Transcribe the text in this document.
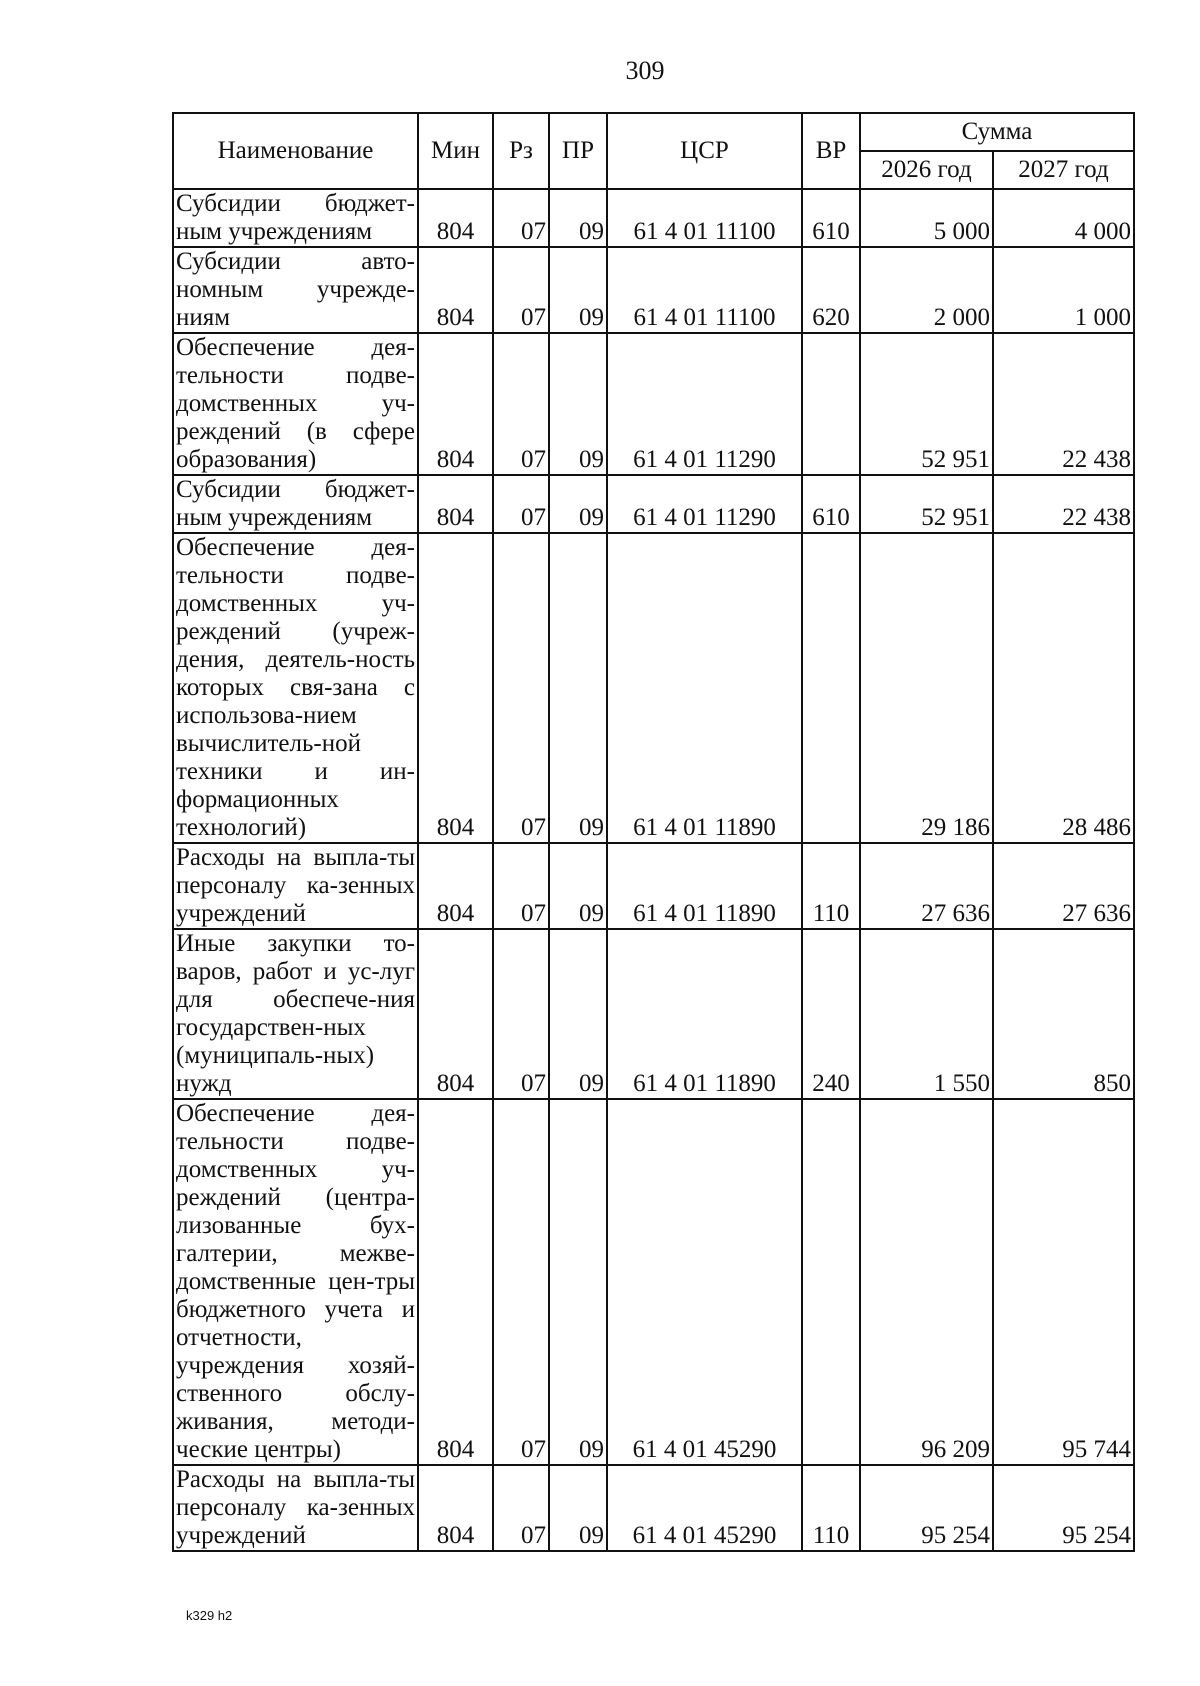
309
Наименование	Мин	Рз	ПР	ЦСР	ВР	Сумма	
						2026 год	2027 год
Субсидии бюджет-ным учреждениям	804	07	09	61 4 01 11100	610	5 000	4 000
Субсидии авто-номным учрежде-ниям	804	07	09	61 4 01 11100	620	2 000	1 000
Обеспечение дея-тельности подве-домственных уч-реждений (в сфере образования)	804	07	09	61 4 01 11290		52 951	22 438
Субсидии бюджет-ным учреждениям	804	07	09	61 4 01 11290	610	52 951	22 438
Обеспечение дея-тельности подве-домственных уч-реждений (учреж-дения, деятель-ность которых свя-зана с использова-нием вычислитель-ной техники и ин-формационных технологий)	804	07	09	61 4 01 11890		29 186	28 486
Расходы на выпла-ты персоналу ка-зенных учреждений	804	07	09	61 4 01 11890	110	27 636	27 636
Иные закупки то-варов, работ и ус-луг для обеспече-ния государствен-ных (муниципаль-ных) нужд	804	07	09	61 4 01 11890	240	1 550	850
Обеспечение дея-тельности подве-домственных уч-реждений (центра-лизованные бух-галтерии, межве-домственные цен-тры бюджетного учета и отчетности, учреждения хозяй-ственного обслу-живания, методи-ческие центры)	804	07	09	61 4 01 45290		96 209	95 744
Расходы на выпла-ты персоналу ка-зенных учреждений	804	07	09	61 4 01 45290	110	95 254	95 254
k329 h2
